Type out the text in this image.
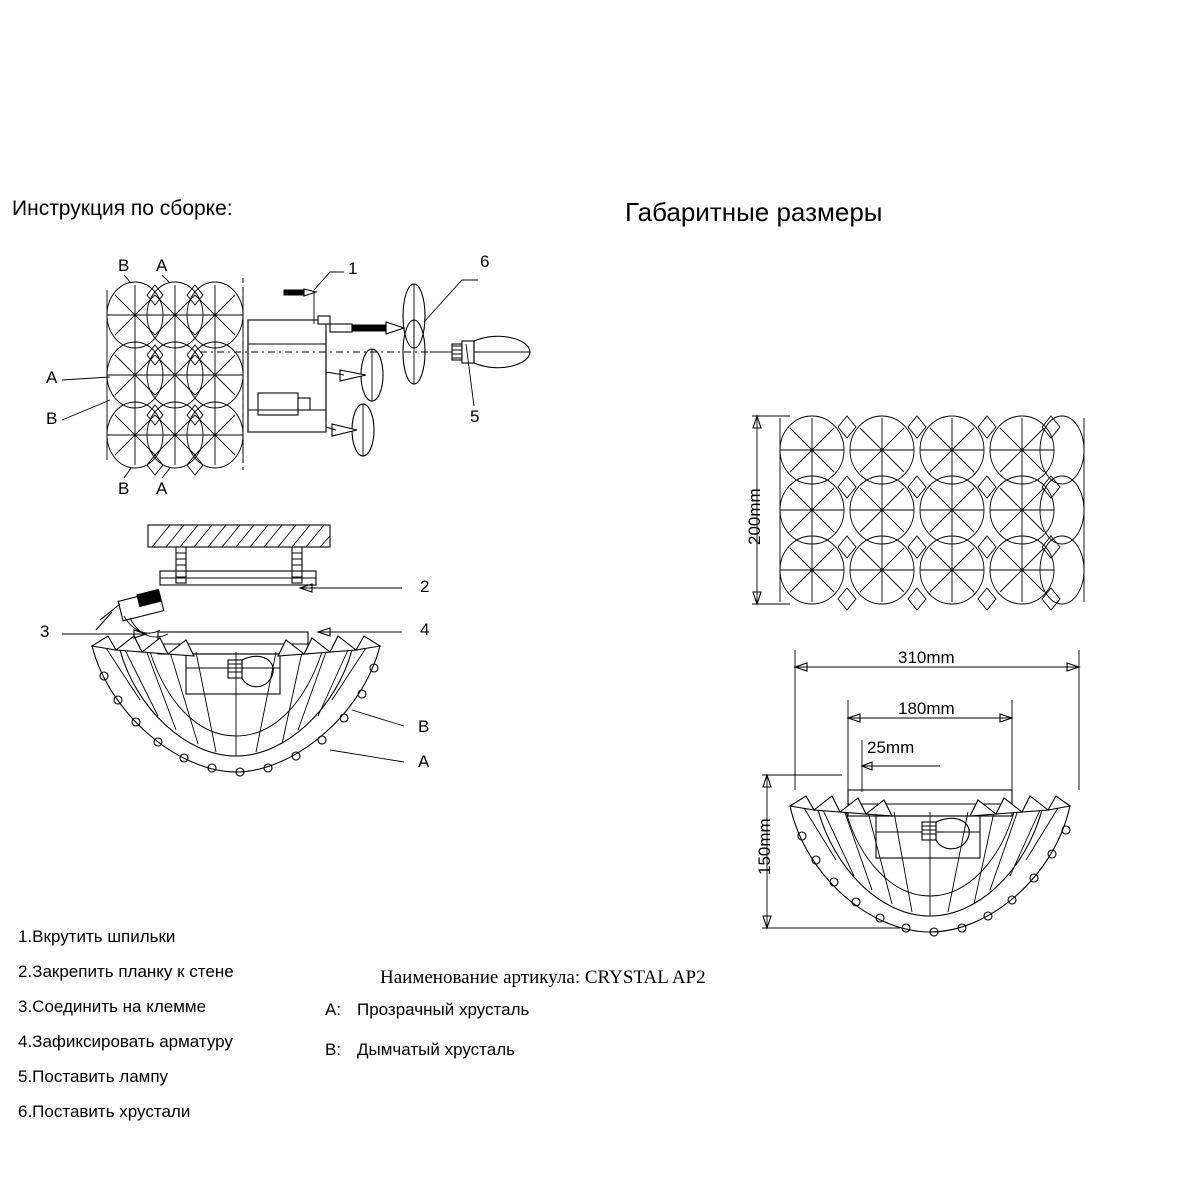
Инструкция по сборке:	Габаритные размеры
1	6
5
B A
A
B
B A
2
4
3
B
A
1.Вкрутить шпильки
2.Закрепить планку к стене
3.Соединить на клемме
4.Зафиксировать арматуру
5.Поставить лампу
6.Поставить хрустали
A: Прозрачный хрусталь
B: Дымчатый хрусталь
200mm
310mm
180mm
25mm
150mm
Наименование артикула: CRYSTAL AP2
